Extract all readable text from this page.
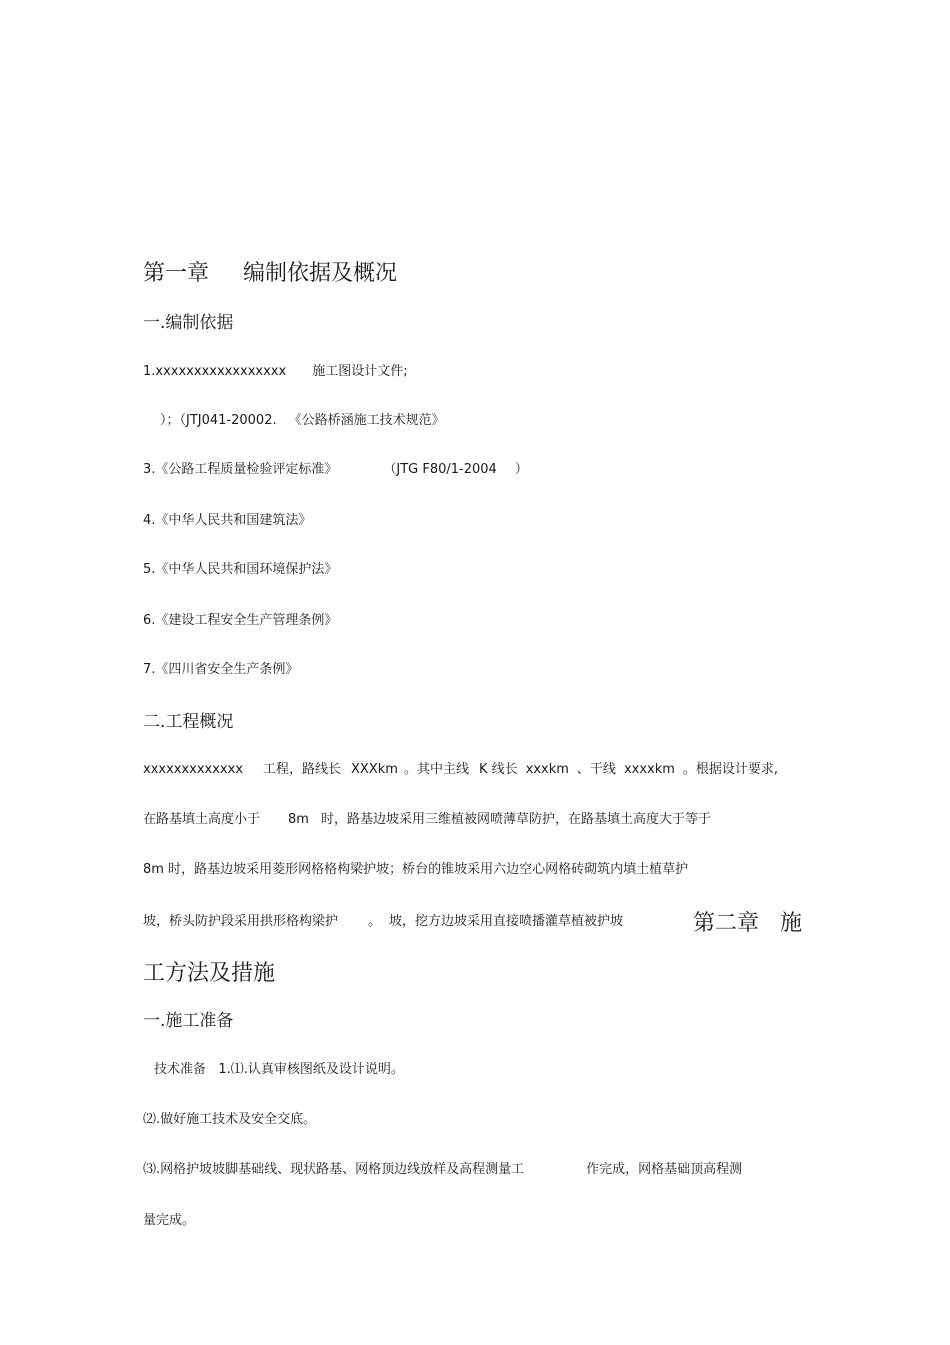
第一章 编制依据及概况
一.编制依据
1.xxxxxxxxxxxxxxxxx 施工图设计文件;
）；（JTJ041-20002. 《公路桥涵施工技术规范》
3.《公路工程质量检验评定标准》	（JTG F80/1-2004 ）
4.《中华人民共和国建筑法》
5.《中华人民共和国环境保护法》
6.《建设工程安全生产管理条例》
7.《四川省安全生产条例》
二.工程概况
xxxxxxxxxxxxx 工程，路线长 XXXkm 。其中主线 K 线长 xxxkm 、干线 xxxxkm 。根据设计要求,
在路基填土高度小于 8m 时，路基边坡采用三维植被网喷薄草防护，在路基填土高度大于等于
8m 时，路基边坡采用菱形网格格构梁护坡；桥台的锥坡采用六边空心网格砖砌筑内填土植草护
坡，桥头防护段采用拱形格构梁护 。 坡，挖方边坡采用直接喷播灌草植被护坡	第二章   施
工方法及措施
一.施工准备
技术准备   1.⑴.认真审核图纸及设计说明。
⑵.做好施工技术及安全交底。
⑶.网格护坡坡脚基础线、现状路基、网格顶边线放样及高程测量工	作完成，网格基础顶高程测
量完成。
